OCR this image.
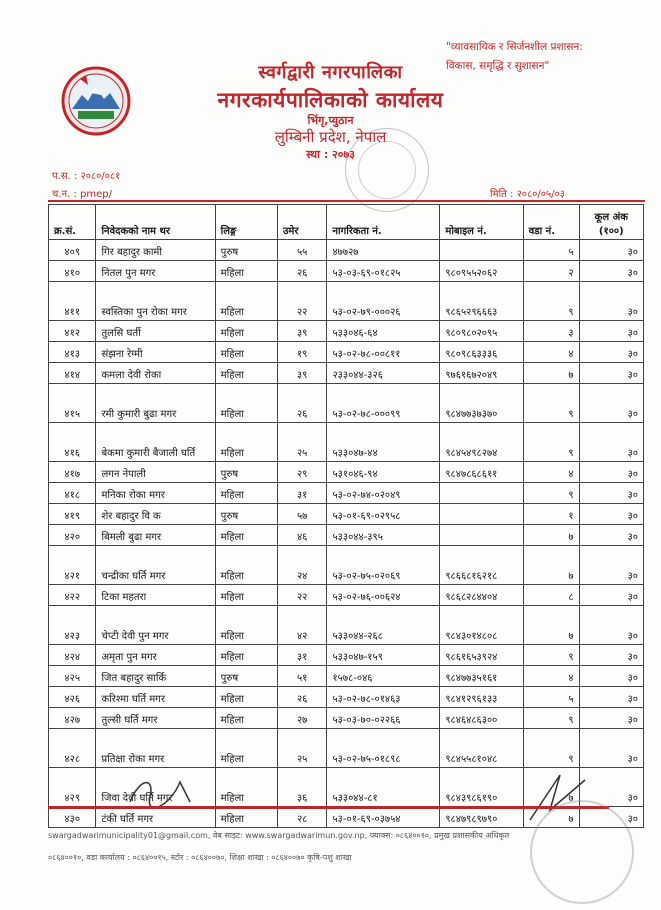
"व्यावसायिक र सिर्जनशील प्रशासन:
विकास, समृद्धि र सुशासन"
स्वर्गद्वारी नगरपालिका
नगरकार्यपालिकाको कार्यालय
भिंगृ,प्युठान
लुम्बिनी प्रदेश, नेपाल
स्था : २०७३
प.स. : २०८०/०८१
च.न. : pmep/	मिति : २०८०/०५/०३
क्र.सं.	निवेदकको नाम थर	लिङ्ग	उमेर	नागरिकता नं.	मोबाइल नं.	वडा नं.	कूल अंक (१००)
४०९	गिर बहादुर कामी	पुरुष	५५	४७७२७		५	३०
४१०	नितल पुन मगर	महिला	२६	५३-०३-६९-०१८२५	९८०९५५२०६२	२	३०
४११	स्वस्तिका पुन रोका मगर	महिला	२२	५३-०२-७९-०००२६	९८६५२९६६६३	९	३०
४१२	तुलसि घर्ती	महिला	३९	५३३०४६-६४	९८०९८०२०९५	३	३०
४१३	संझना रेग्मी	महिला	१९	५३-०२-७८-००८११	९८०९८६३३३६	४	३०
४१४	कमला देवी रोका	महिला	३९	२३३०४४-३२६	९७६१६७२०४९	७	३०
४१५	रमी कुमारी बुढा मगर	महिला	२६	५३-०२-७८-०००९९	९८४७७३७३७०	९	३०
४१६	बेकमा कुमारी बैजाली घर्ति	महिला	२५	५३३०४७-४४	९८४५४९८२७४	९	३०
४१७	लगन नेपाली	पुरुष	२९	५३१०४६-९४	९८४७८६८६११	४	३०
४१८	मनिका रोका मगर	महिला	३१	५३-०२-७४-०२०४९		९	३०
४१९	शेर बहादुर वि क	पुरुष	५७	५३-०१-६९-०२९५८		१	३०
४२०	बिमली बुढा मगर	महिला	४६	५३३०४४-३९५		७	३०
४२१	चन्द्रीका घर्ति मगर	महिला	२४	५३-०२-७५-०२०६९	९८६६८१६२१८	७	३०
४२२	टिका महतरा	महिला	२२	५३-०२-७६-००६२४	९८६८२८४४०४	८	३०
४२३	चेप्टी देवी पुन मगर	महिला	४२	५३३०४४-२६८	९८४३०१४८०८	७	३०
४२४	अमृता पुन मगर	महिला	३१	५३३०४७-१५९	९८६१६५३९२४	९	३०
४२५	जित बहादुर सार्कि	पुरुष	५१	१५७८-०४६	९८४७७३५१६१	४	३०
४२६	करिश्मा घर्ति मगर	महिला	२६	५३-०२-७८-०१४६३	९८४१२९६१३३	५	३०
४२७	तुल्सी घर्ति मगर	महिला	२७	५३-०३-७०-०२२६६	९८४६४८६३००	९	३०
४२८	प्रतिक्षा रोका मगर	महिला	२५	५३-०२-७५-०१८९८	९८४५५८१०४८	९	३०
४२९	जिवा देवी घर्ति मगर	महिला	३६	५३३०४४-८१	९८४३९८६१९०	७	३०
४३०	टंकी घर्ति मगर	महिला	२८	५३-०१-६९-०३७५४	९८४७९८९७९०	७	३०
swargadwarimunicipality01@gmail.com, वेब साइट: www.swargadwarimun.gov.np, फ्याक्स: ०८६४००१०, प्रमुख प्रशासकीय अधिकृत
०८६४००१०, वडा कार्यालय : ०८६४००१५, स्टोर : ०८६४००७०, शिक्षा शाखा : ०८६४००७० कृषि-पशु शाखा
